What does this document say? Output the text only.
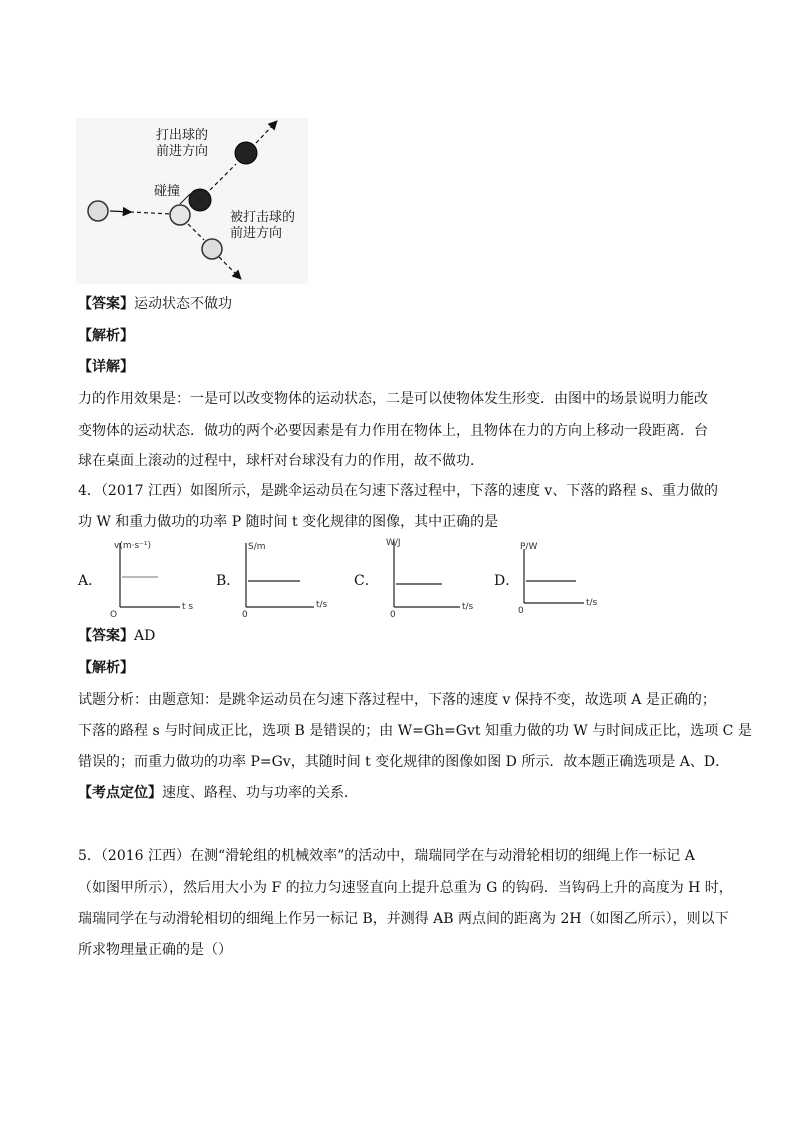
打出球的
前进方向
碰撞
被打击球的
前进方向
【答案】运动状态不做功
【解析】
【详解】
力的作用效果是：一是可以改变物体的运动状态，二是可以使物体发生形变．由图中的场景说明力能改
变物体的运动状态．做功的两个必要因素是有力作用在物体上，且物体在力的方向上移动一段距离．台
球在桌面上滚动的过程中，球杆对台球没有力的作用，故不做功．
4．（2017 江西）如图所示，是跳伞运动员在匀速下落过程中，下落的速度 v、下落的路程 s、重力做的
功 W 和重力做功的功率 P 随时间 t 变化规律的图像，其中正确的是
A．
v(m·s⁻¹)
t s
O
B．
S/m
t/s
0
C．
W/J
t/s
0
D．
P/W
t/s
0
【答案】AD
【解析】
试题分析：由题意知：是跳伞运动员在匀速下落过程中，下落的速度 v 保持不变，故选项 A 是正确的；
下落的路程 s 与时间成正比，选项 B 是错误的；由 W=Gh=Gvt 知重力做的功 W 与时间成正比，选项 C 是
错误的；而重力做功的功率 P=Gv，其随时间 t 变化规律的图像如图 D 所示．故本题正确选项是 A、D．
【考点定位】速度、路程、功与功率的关系．
5．（2016 江西）在测“滑轮组的机械效率”的活动中，瑞瑞同学在与动滑轮相切的细绳上作一标记 A
（如图甲所示），然后用大小为 F 的拉力匀速竖直向上提升总重为 G 的钩码．当钩码上升的高度为 H 时，
瑞瑞同学在与动滑轮相切的细绳上作另一标记 B，并测得 AB 两点间的距离为 2H（如图乙所示），则以下
所求物理量正确的是（）
